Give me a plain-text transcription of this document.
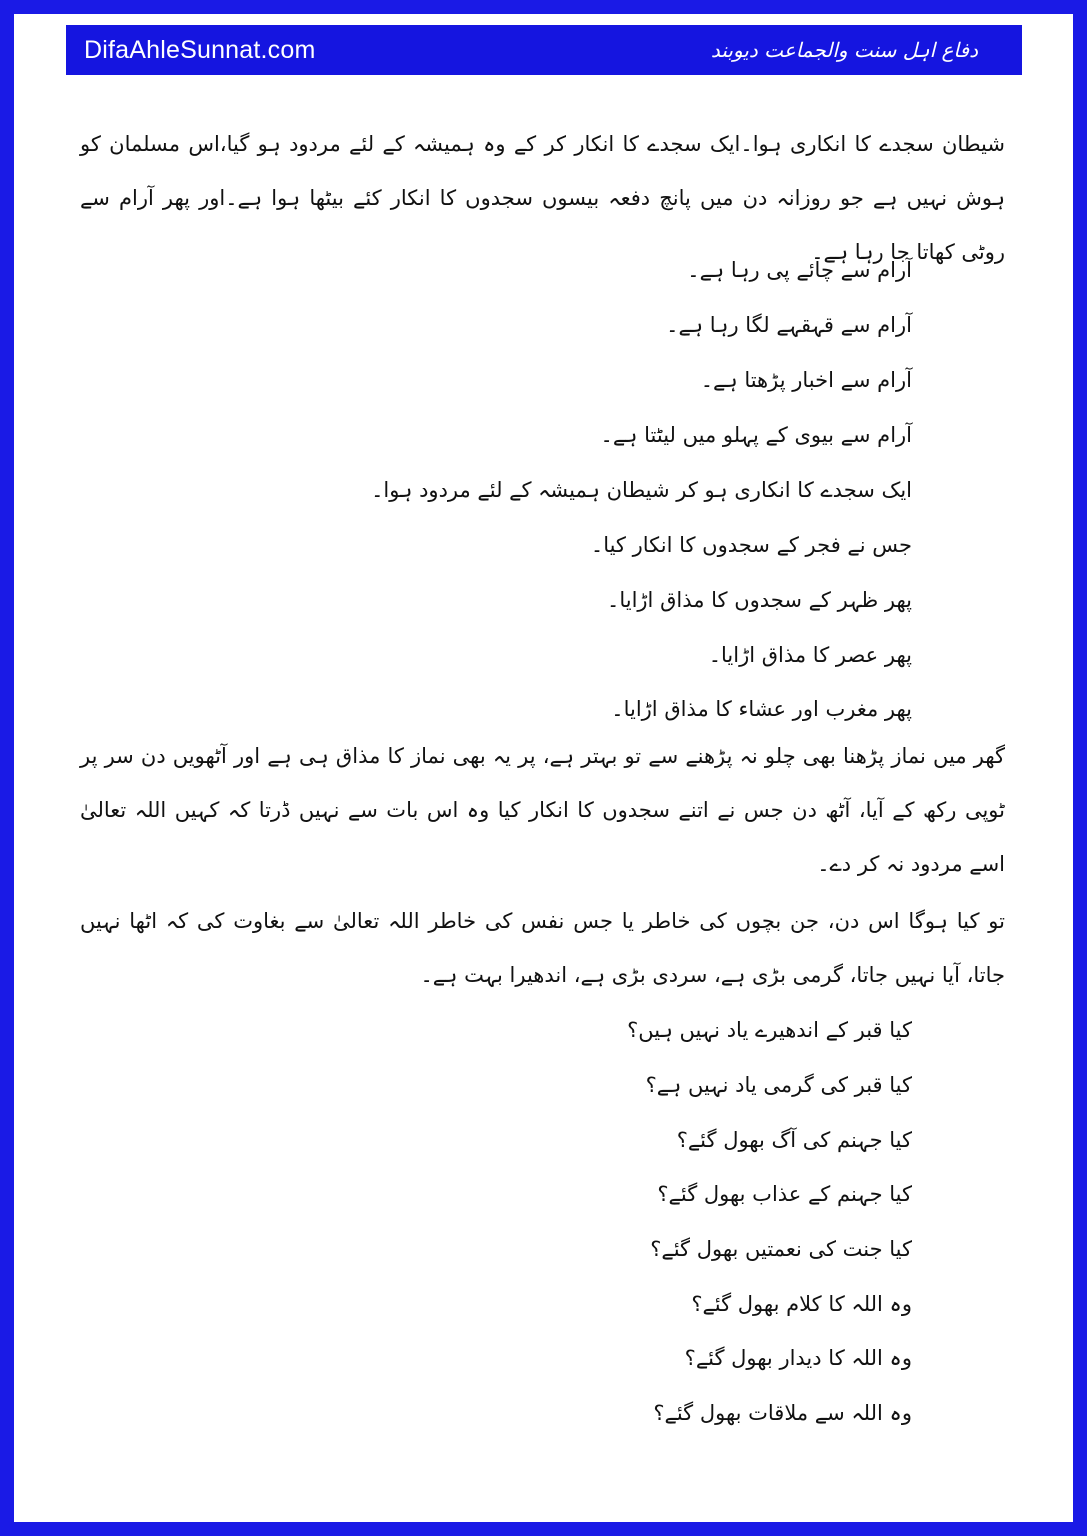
DifaAhleSunnat.com	دفاع اہل سنت والجماعت دیوبند

شیطان سجدے کا انکاری ہوا۔ایک سجدے کا انکار کر کے وہ ہمیشہ کے لئے مردود ہو گیا،اس مسلمان کو ہوش نہیں ہے جو روزانہ دن میں پانچ دفعہ بیسوں سجدوں کا انکار کئے بیٹھا ہوا ہے۔اور پھر آرام سے روٹی کھاتا جا رہا ہے۔

آرام سے چائے پی رہا ہے۔
آرام سے قہقہے لگا رہا ہے۔
آرام سے اخبار پڑھتا ہے۔
آرام سے بیوی کے پہلو میں لیٹتا ہے۔
ایک سجدے کا انکاری ہو کر شیطان ہمیشہ کے لئے مردود ہوا۔
جس نے فجر کے سجدوں کا انکار کیا۔
پھر ظہر کے سجدوں کا مذاق اڑایا۔
پھر عصر کا مذاق اڑایا۔
پھر مغرب اور عشاء کا مذاق اڑایا۔

گھر میں نماز پڑھنا بھی چلو نہ پڑھنے سے تو بہتر ہے، پر یہ بھی نماز کا مذاق ہی ہے اور آٹھویں دن سر پر ٹوپی رکھ کے آیا، آٹھ دن جس نے اتنے سجدوں کا انکار کیا وہ اس بات سے نہیں ڈرتا کہ کہیں اللہ تعالیٰ اسے مردود نہ کر دے۔

تو کیا ہوگا اس دن، جن بچوں کی خاطر یا جس نفس کی خاطر اللہ تعالیٰ سے بغاوت کی کہ اٹھا نہیں جاتا، آیا نہیں جاتا، گرمی بڑی ہے، سردی بڑی ہے، اندھیرا بہت ہے۔

کیا قبر کے اندھیرے یاد نہیں ہیں؟
کیا قبر کی گرمی یاد نہیں ہے؟
کیا جہنم کی آگ بھول گئے؟
کیا جہنم کے عذاب بھول گئے؟
کیا جنت کی نعمتیں بھول گئے؟
وہ اللہ کا کلام بھول گئے؟
وہ اللہ کا دیدار بھول گئے؟
وہ اللہ سے ملاقات بھول گئے؟
